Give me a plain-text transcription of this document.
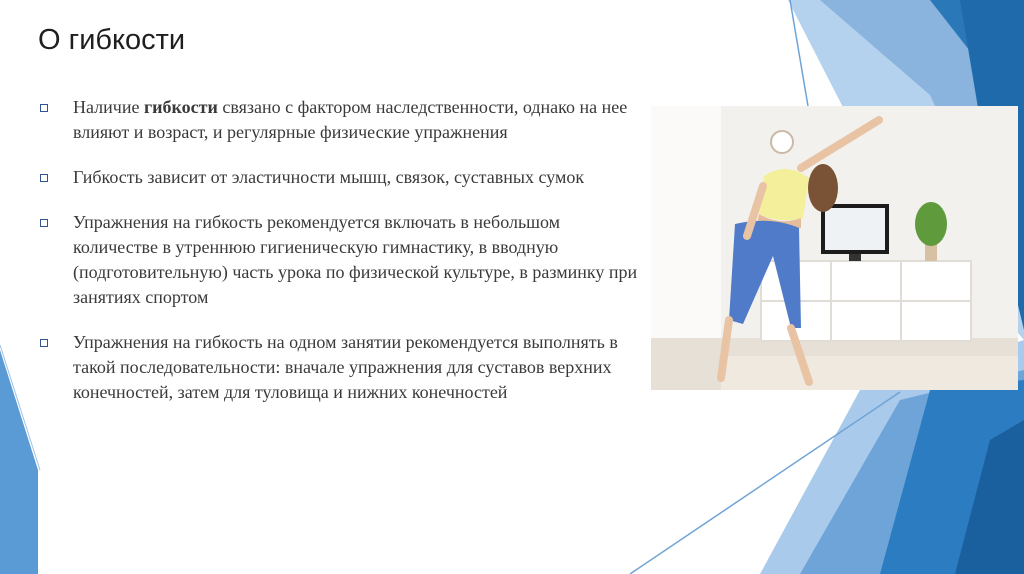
О гибкости
Наличие гибкости связано с фактором наследственности, однако на нее влияют и возраст, и регулярные физические упражнения
Гибкость зависит от эластичности мышц, связок, суставных сумок
Упражнения на гибкость рекомендуется включать в небольшом количестве в утреннюю гигиеническую гимнастику, в вводную (подготовительную) часть урока по физической культуре, в разминку при занятиях спортом
Упражнения на гибкость на одном занятии рекомендуется выполнять в такой последовательности: вначале упражнения для суставов верхних конечностей, затем для туловища и нижних конечностей
